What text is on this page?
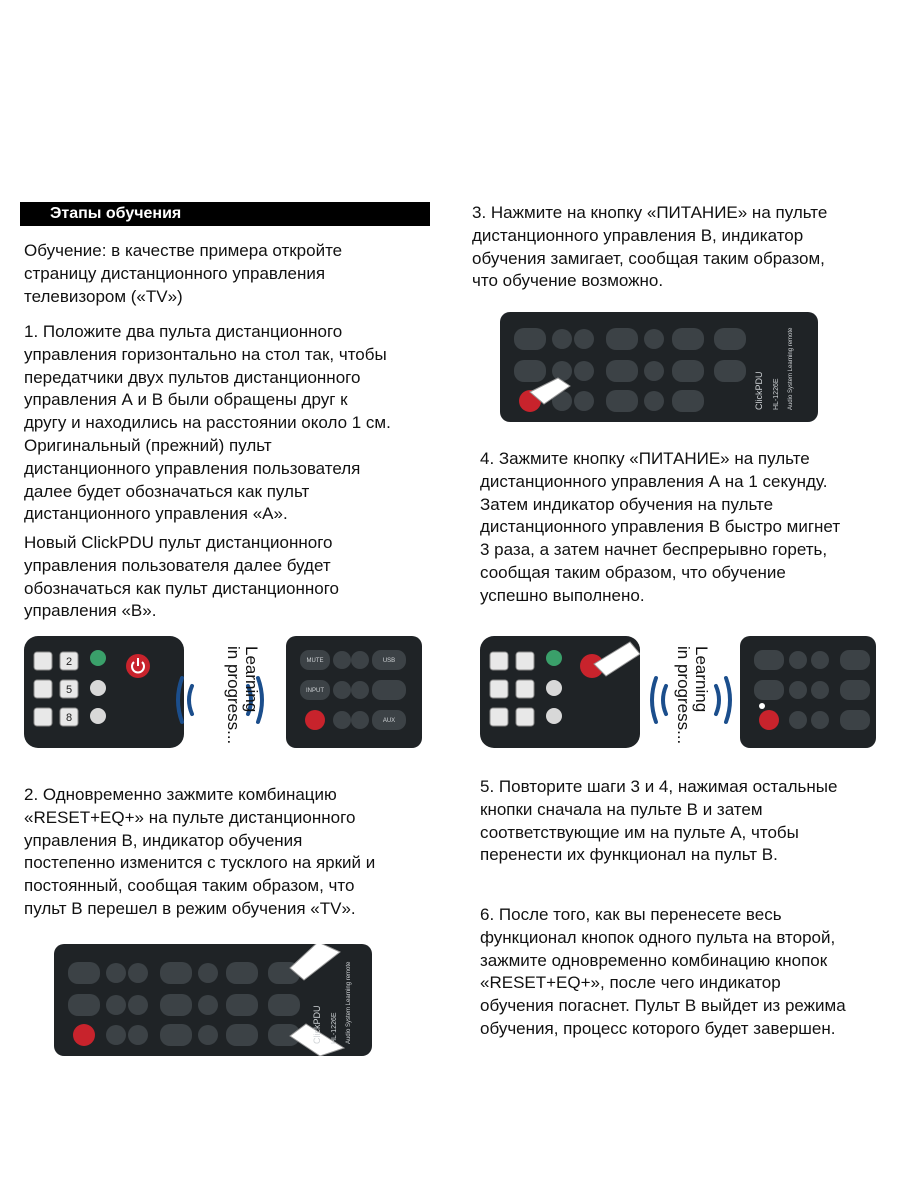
Этапы обучения
Обучение: в качестве примера откройте
страницу дистанционного управления
телевизором («TV»)
1. Положите два пульта дистанционного
управления горизонтально на стол так, чтобы
передатчики двух пультов дистанционного
управления А и В были обращены друг к
другу и находились на расстоянии около 1 см.
Оригинальный (прежний) пульт
дистанционного управления пользователя
далее будет обозначаться как пульт
дистанционного управления «А».
Новый ClickPDU пульт дистанционного
управления пользователя далее будет
обозначаться как пульт дистанционного
управления «В».
2. Одновременно зажмите комбинацию
«RESET+EQ+» на пульте дистанционного
управления В, индикатор обучения
постепенно изменится с тусклого на яркий и
постоянный, сообщая таким образом, что
пульт В перешел в режим обучения «TV».
3. Нажмите на кнопку «ПИТАНИЕ» на пульте
дистанционного управления В, индикатор
обучения замигает, сообщая таким образом,
что обучение возможно.
4. Зажмите кнопку «ПИТАНИЕ» на пульте
дистанционного управления А на 1 секунду.
Затем индикатор обучения на пульте
дистанционного управления В быстро мигнет
3 раза, а затем начнет беспрерывно гореть,
сообщая таким образом, что обучение
успешно выполнено.
5. Повторите шаги 3 и 4, нажимая остальные
кнопки сначала на пульте В и затем
соответствующие им на пульте А, чтобы
перенести их функционал на пульт В.
6. После того, как вы перенесете весь
функционал кнопок одного пульта на второй,
зажмите одновременно комбинацию кнопок
«RESET+EQ+», после чего индикатор
обучения погаснет. Пульт В выйдет из режима
обучения, процесс которого будет завершен.
2
5
8
Learning
in progress...	MUTE	USB
INPUT
AUX
ClickPDU HL-1226E Audio System Learning remote
Learning
in progress...
ClickPDU HL-1226E Audio System Learning remote
